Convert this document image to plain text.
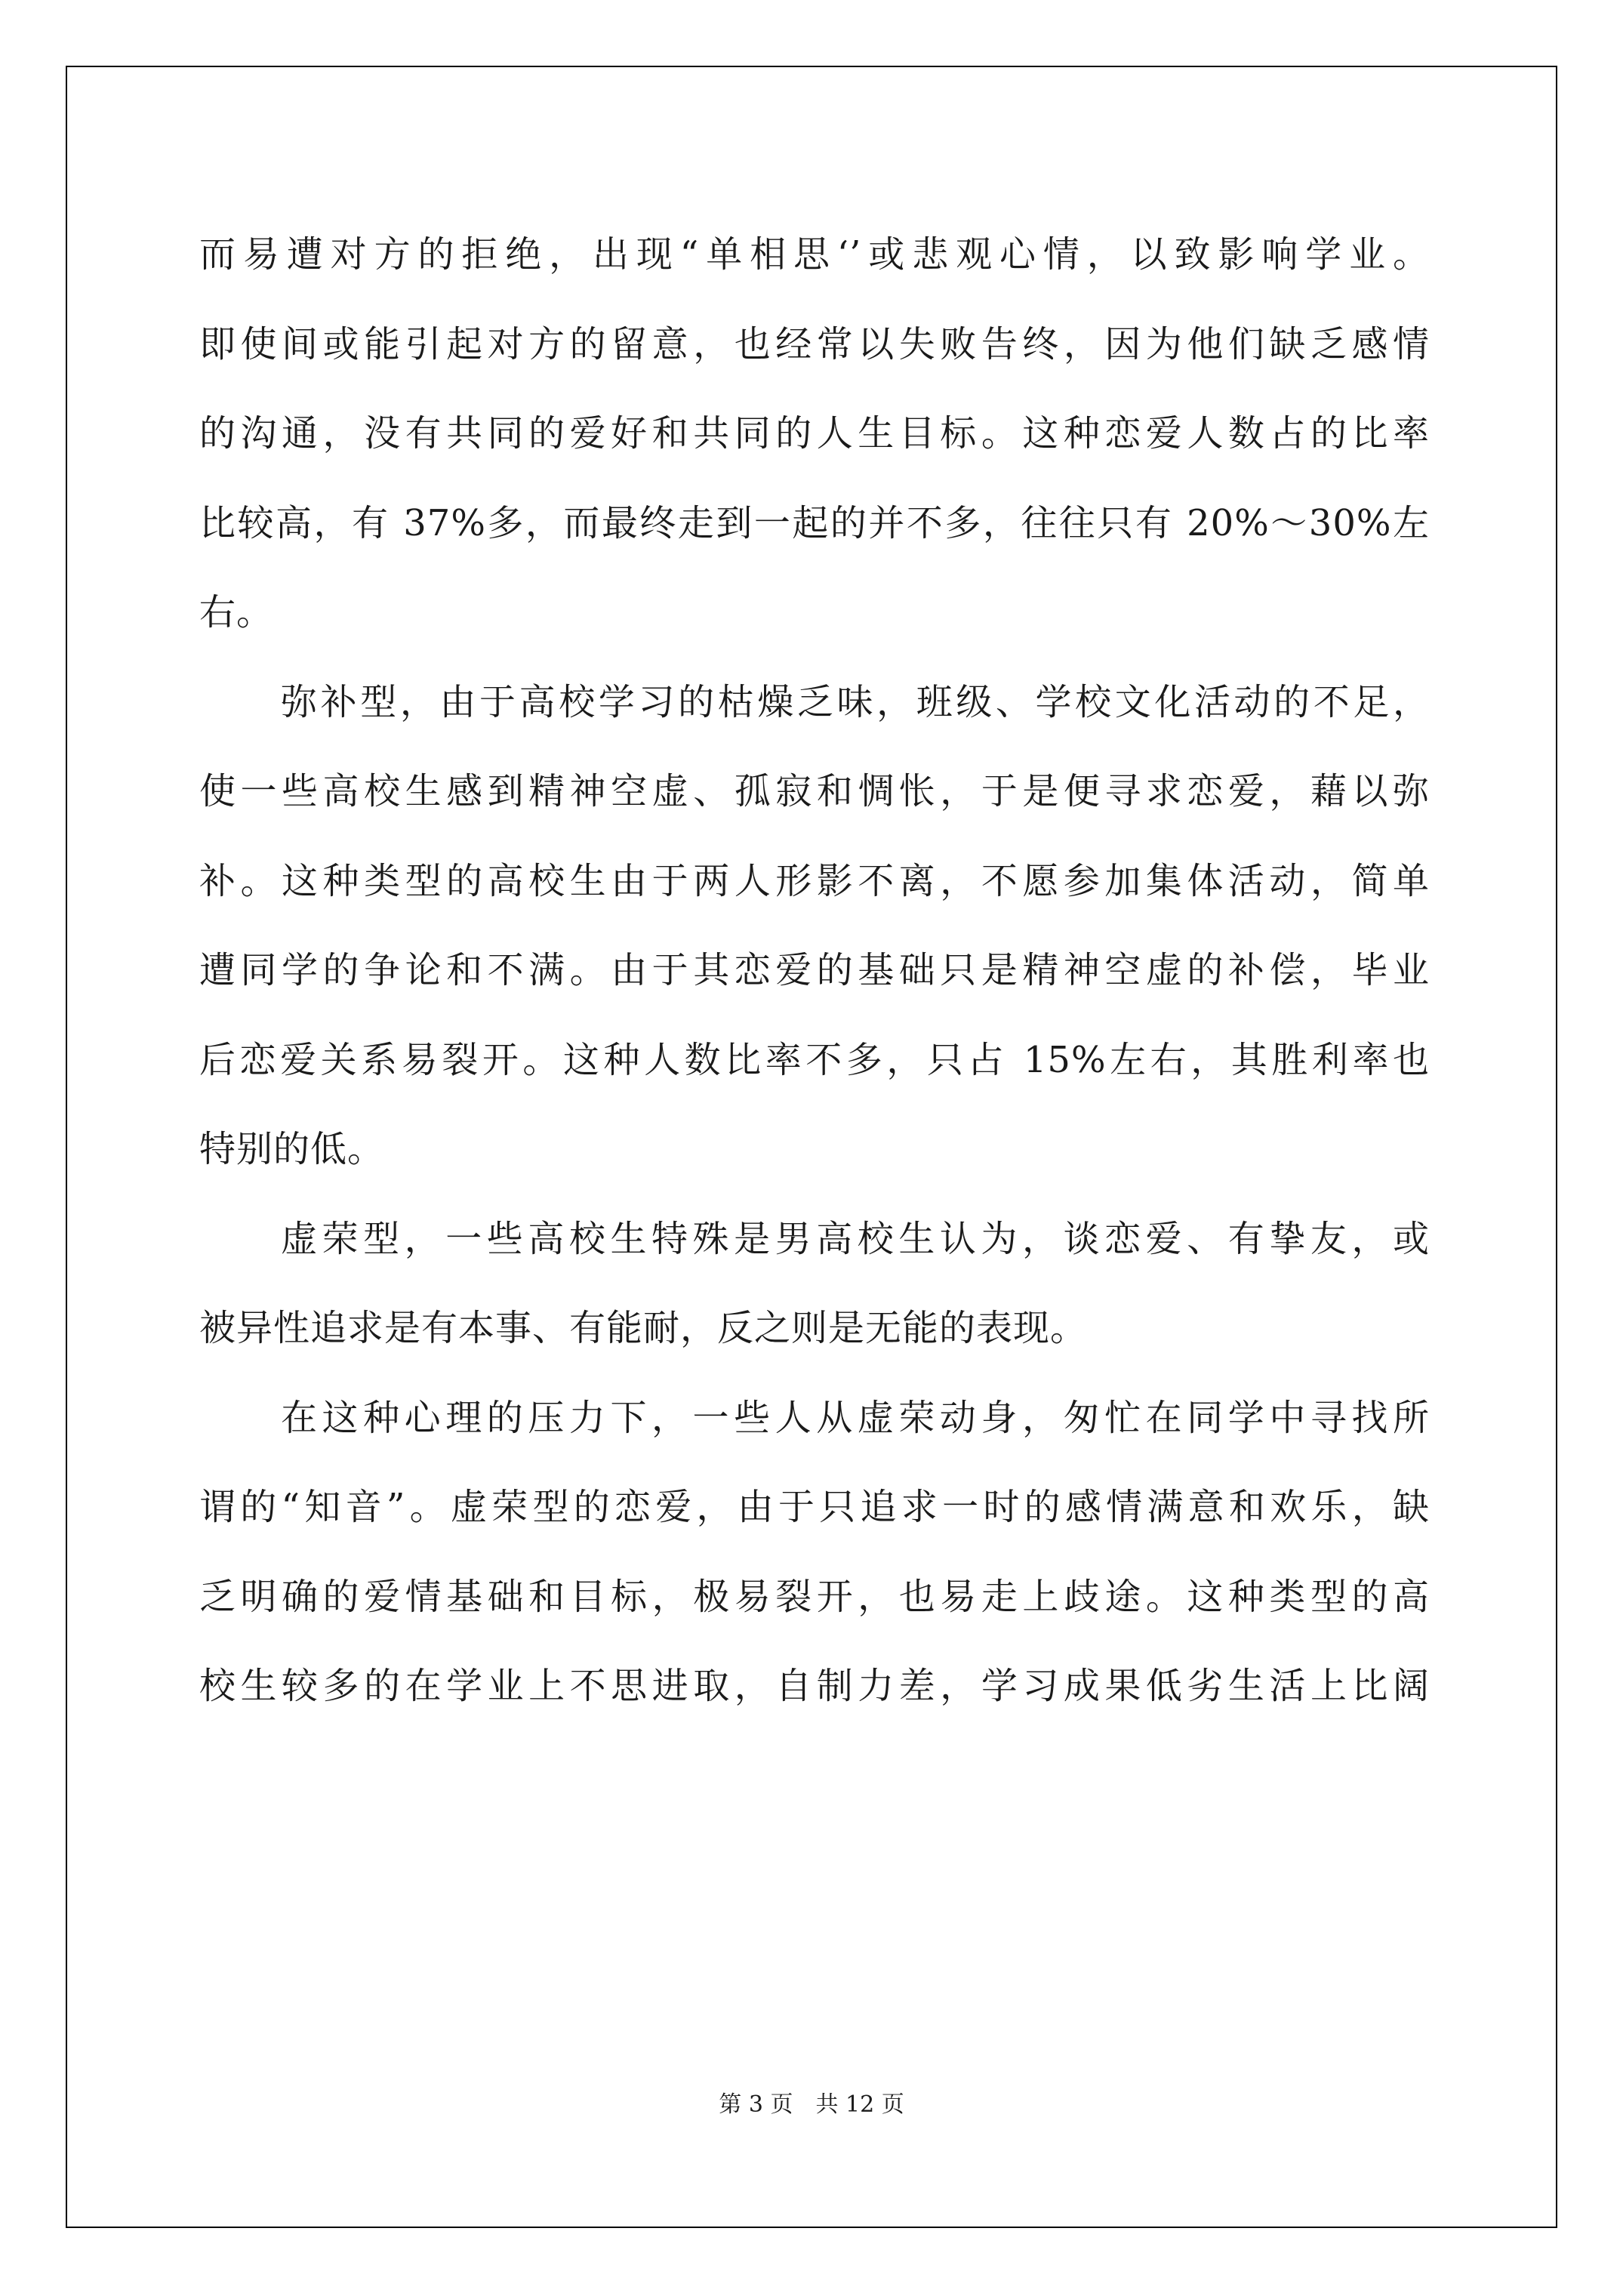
而易遭对方的拒绝，出现“单相思‘’或悲观心情，以致影响学业。
即使间或能引起对方的留意，也经常以失败告终，因为他们缺乏感情
的沟通，没有共同的爱好和共同的人生目标。这种恋爱人数占的比率
比较高，有 37%多，而最终走到一起的并不多，往往只有 20%～30%左
右。
弥补型，由于高校学习的枯燥乏味，班级、学校文化活动的不足，
使一些高校生感到精神空虚、孤寂和惆怅，于是便寻求恋爱，藉以弥
补。这种类型的高校生由于两人形影不离，不愿参加集体活动，简单
遭同学的争论和不满。由于其恋爱的基础只是精神空虚的补偿，毕业
后恋爱关系易裂开。这种人数比率不多，只占 15%左右，其胜利率也
特别的低。
虚荣型，一些高校生特殊是男高校生认为，谈恋爱、有挚友，或
被异性追求是有本事、有能耐，反之则是无能的表现。
在这种心理的压力下，一些人从虚荣动身，匆忙在同学中寻找所
谓的“知音”。虚荣型的恋爱，由于只追求一时的感情满意和欢乐，缺
乏明确的爱情基础和目标，极易裂开，也易走上歧途。这种类型的高
校生较多的在学业上不思进取，自制力差，学习成果低劣生活上比阔
第 3 页　共 12 页
